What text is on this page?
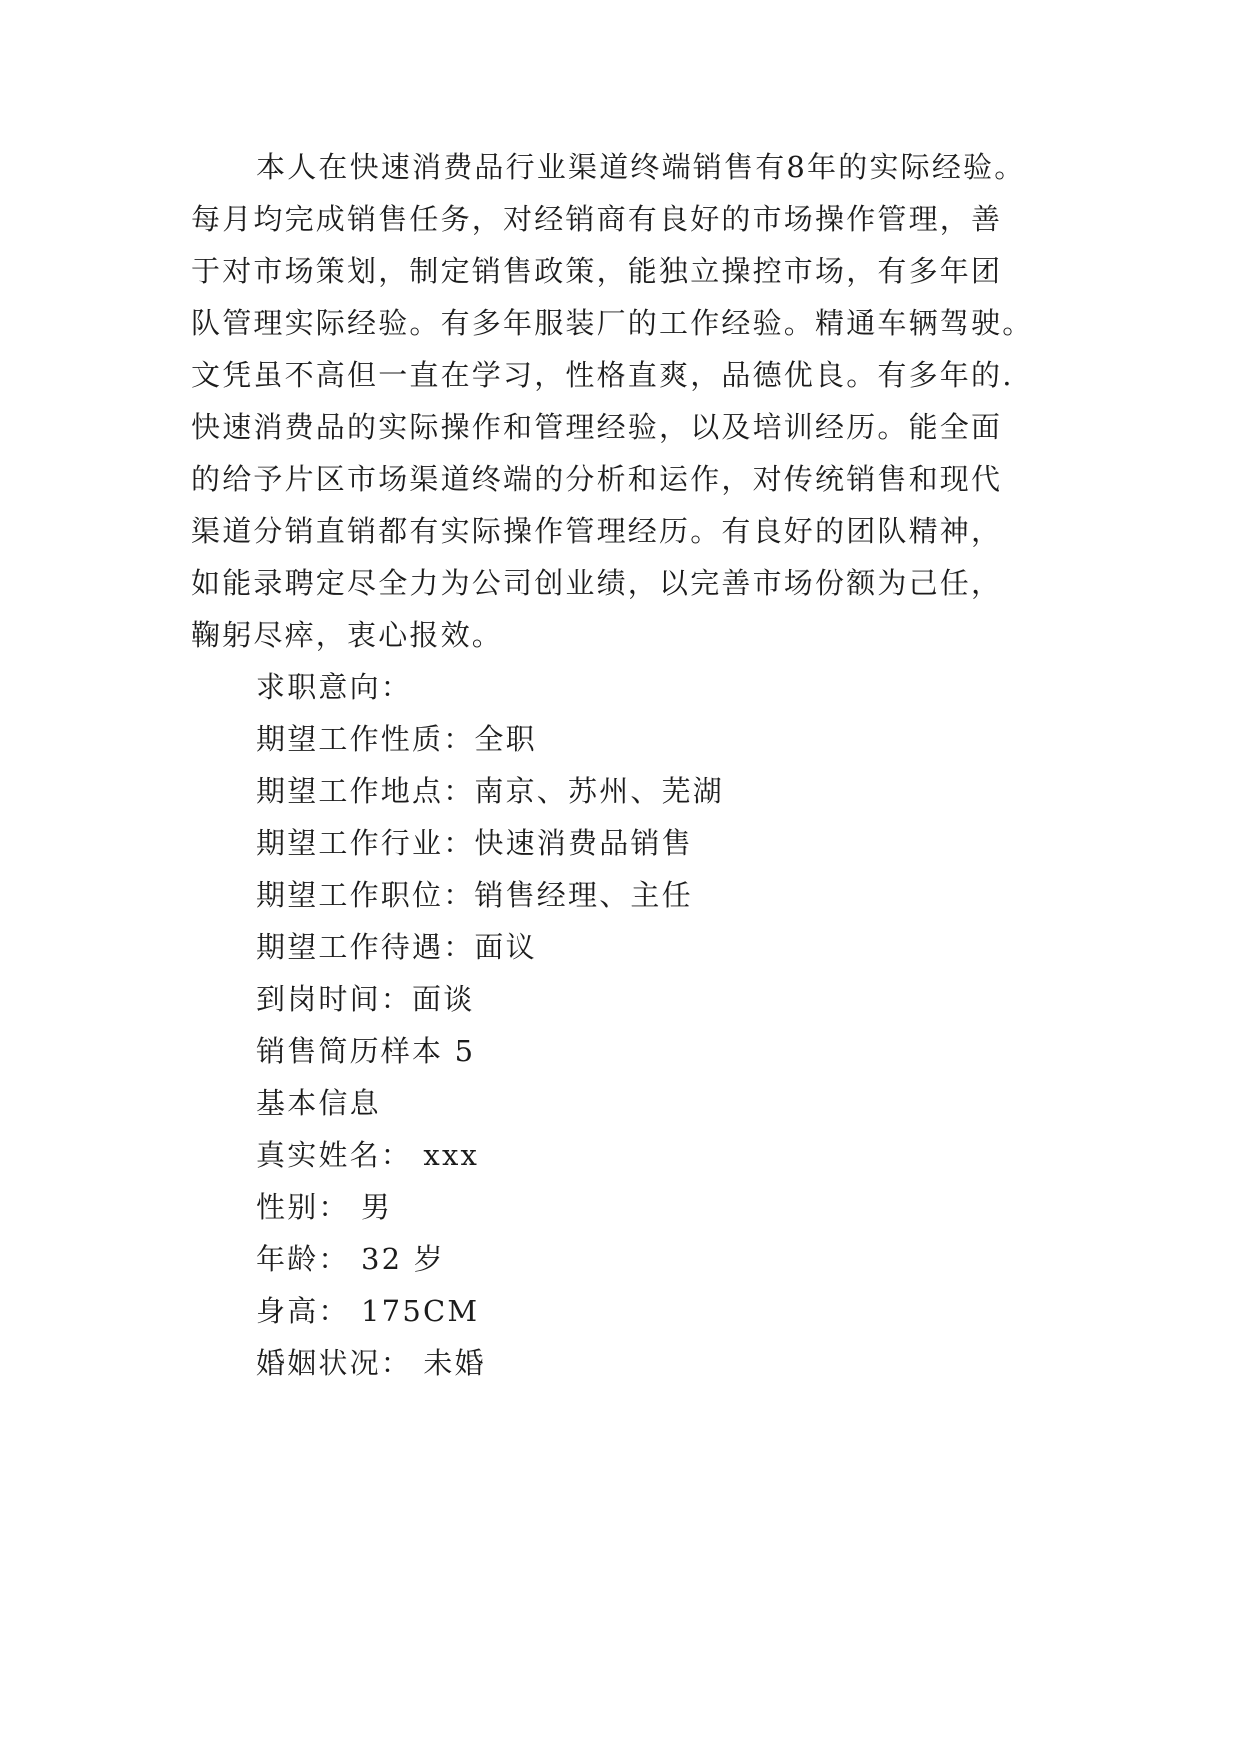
本人在快速消费品行业渠道终端销售有8年的实际经验。
每月均完成销售任务，对经销商有良好的市场操作管理，善
于对市场策划，制定销售政策，能独立操控市场，有多年团
队管理实际经验。有多年服装厂的工作经验。精通车辆驾驶。
文凭虽不高但一直在学习，性格直爽，品德优良。有多年的.
快速消费品的实际操作和管理经验，以及培训经历。能全面
的给予片区市场渠道终端的分析和运作，对传统销售和现代
渠道分销直销都有实际操作管理经历。有良好的团队精神，
如能录聘定尽全力为公司创业绩，以完善市场份额为己任，
鞠躬尽瘁，衷心报效。
求职意向：
期望工作性质：全职
期望工作地点：南京、苏州、芜湖
期望工作行业：快速消费品销售
期望工作职位：销售经理、主任
期望工作待遇：面议
到岗时间：面谈
销售简历样本 5
基本信息
真实姓名： xxx
性别： 男
年龄： 32 岁
身高： 175CM
婚姻状况： 未婚
